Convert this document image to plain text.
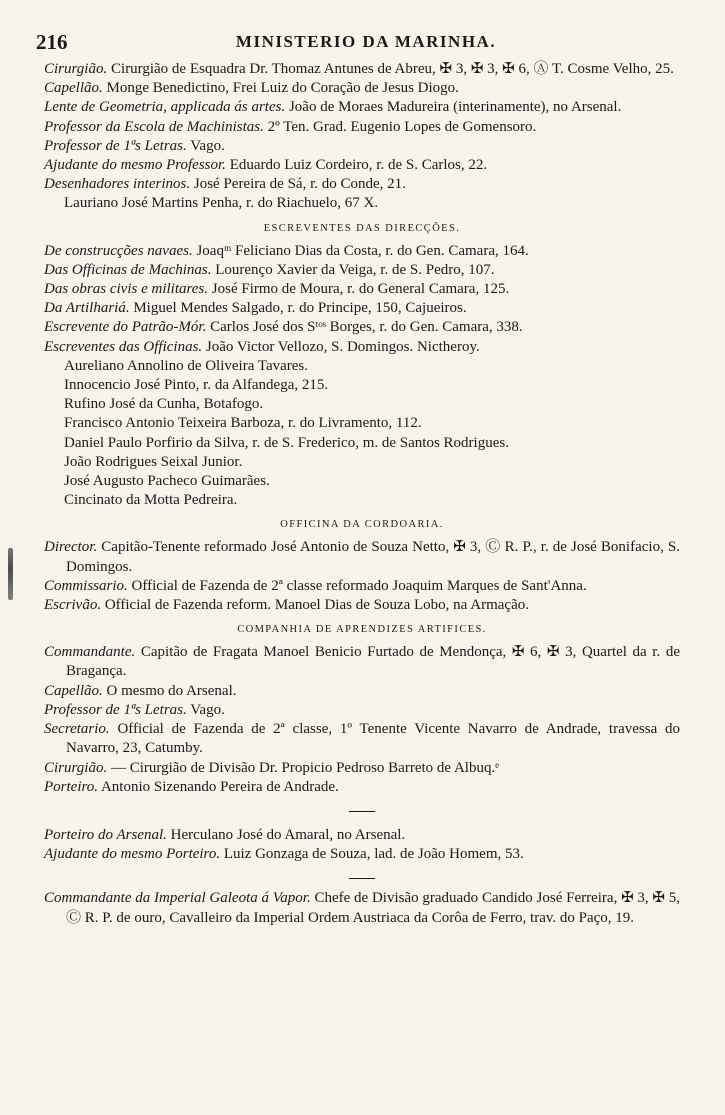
216	MINISTERIO DA MARINHA.

Cirurgião. Cirurgião de Esquadra Dr. Thomaz Antunes de Abreu, ✠ 3, ✠ 3, ✠ 6, Ⓐ T. Cosme Velho, 25.

Capellão. Monge Benedictino, Frei Luiz do Coração de Jesus Diogo.

Lente de Geometria, applicada ás artes. João de Moraes Madureira (interinamente), no Arsenal.

Professor da Escola de Machinistas. 2º Ten. Grad. Eugenio Lopes de Gomensoro.

Professor de 1ªs Letras. Vago.

Ajudante do mesmo Professor. Eduardo Luiz Cordeiro, r. de S. Carlos, 22.

Desenhadores interinos. José Pereira de Sá, r. do Conde, 21.

Lauriano José Martins Penha, r. do Riachuelo, 67 X.

ESCREVENTES DAS DIRECÇÕES.

De construcções navaes. Joaqᵐ Feliciano Dias da Costa, r. do Gen. Camara, 164.

Das Officinas de Machinas. Lourenço Xavier da Veiga, r. de S. Pedro, 107.

Das obras civis e militares. José Firmo de Moura, r. do General Camara, 125.

Da Artilhariá. Miguel Mendes Salgado, r. do Principe, 150, Cajueiros.

Escrevente do Patrão-Mór. Carlos José dos Sᵗᵒˢ Borges, r. do Gen. Camara, 338.

Escreventes das Officinas. João Victor Vellozo, S. Domingos. Nictheroy.

Aureliano Annolino de Oliveira Tavares.

Innocencio José Pinto, r. da Alfandega, 215.

Rufino José da Cunha, Botafogo.

Francisco Antonio Teixeira Barboza, r. do Livramento, 112.

Daniel Paulo Porfirio da Silva, r. de S. Frederico, m. de Santos Rodrigues.

João Rodrigues Seixal Junior.

José Augusto Pacheco Guimarães.

Cincinato da Motta Pedreira.

OFFICINA DA CORDOARIA.

Director. Capitão-Tenente reformado José Antonio de Souza Netto, ✠ 3, Ⓒ R. P., r. de José Bonifacio, S. Domingos.

Commissario. Official de Fazenda de 2ª classe reformado Joaquim Marques de Sant'Anna.

Escrivão. Official de Fazenda reform. Manoel Dias de Souza Lobo, na Armação.

COMPANHIA DE APRENDIZES ARTIFICES.

Commandante. Capitão de Fragata Manoel Benicio Furtado de Mendonça, ✠ 6, ✠ 3, Quartel da r. de Bragança.

Capellão. O mesmo do Arsenal.

Professor de 1ªs Letras. Vago.

Secretario. Official de Fazenda de 2ª classe, 1º Tenente Vicente Navarro de Andrade, travessa do Navarro, 23, Catumby.

Cirurgião. — Cirurgião de Divisão Dr. Propicio Pedroso Barreto de Albuq.ᵉ

Porteiro. Antonio Sizenando Pereira de Andrade.

Porteiro do Arsenal. Herculano José do Amaral, no Arsenal.

Ajudante do mesmo Porteiro. Luiz Gonzaga de Souza, lad. de João Homem, 53.

Commandante da Imperial Galeota á Vapor. Chefe de Divisão graduado Candido José Ferreira, ✠ 3, ✠ 5, Ⓒ R. P. de ouro, Cavalleiro da Imperial Ordem Austriaca da Corôa de Ferro, trav. do Paço, 19.
